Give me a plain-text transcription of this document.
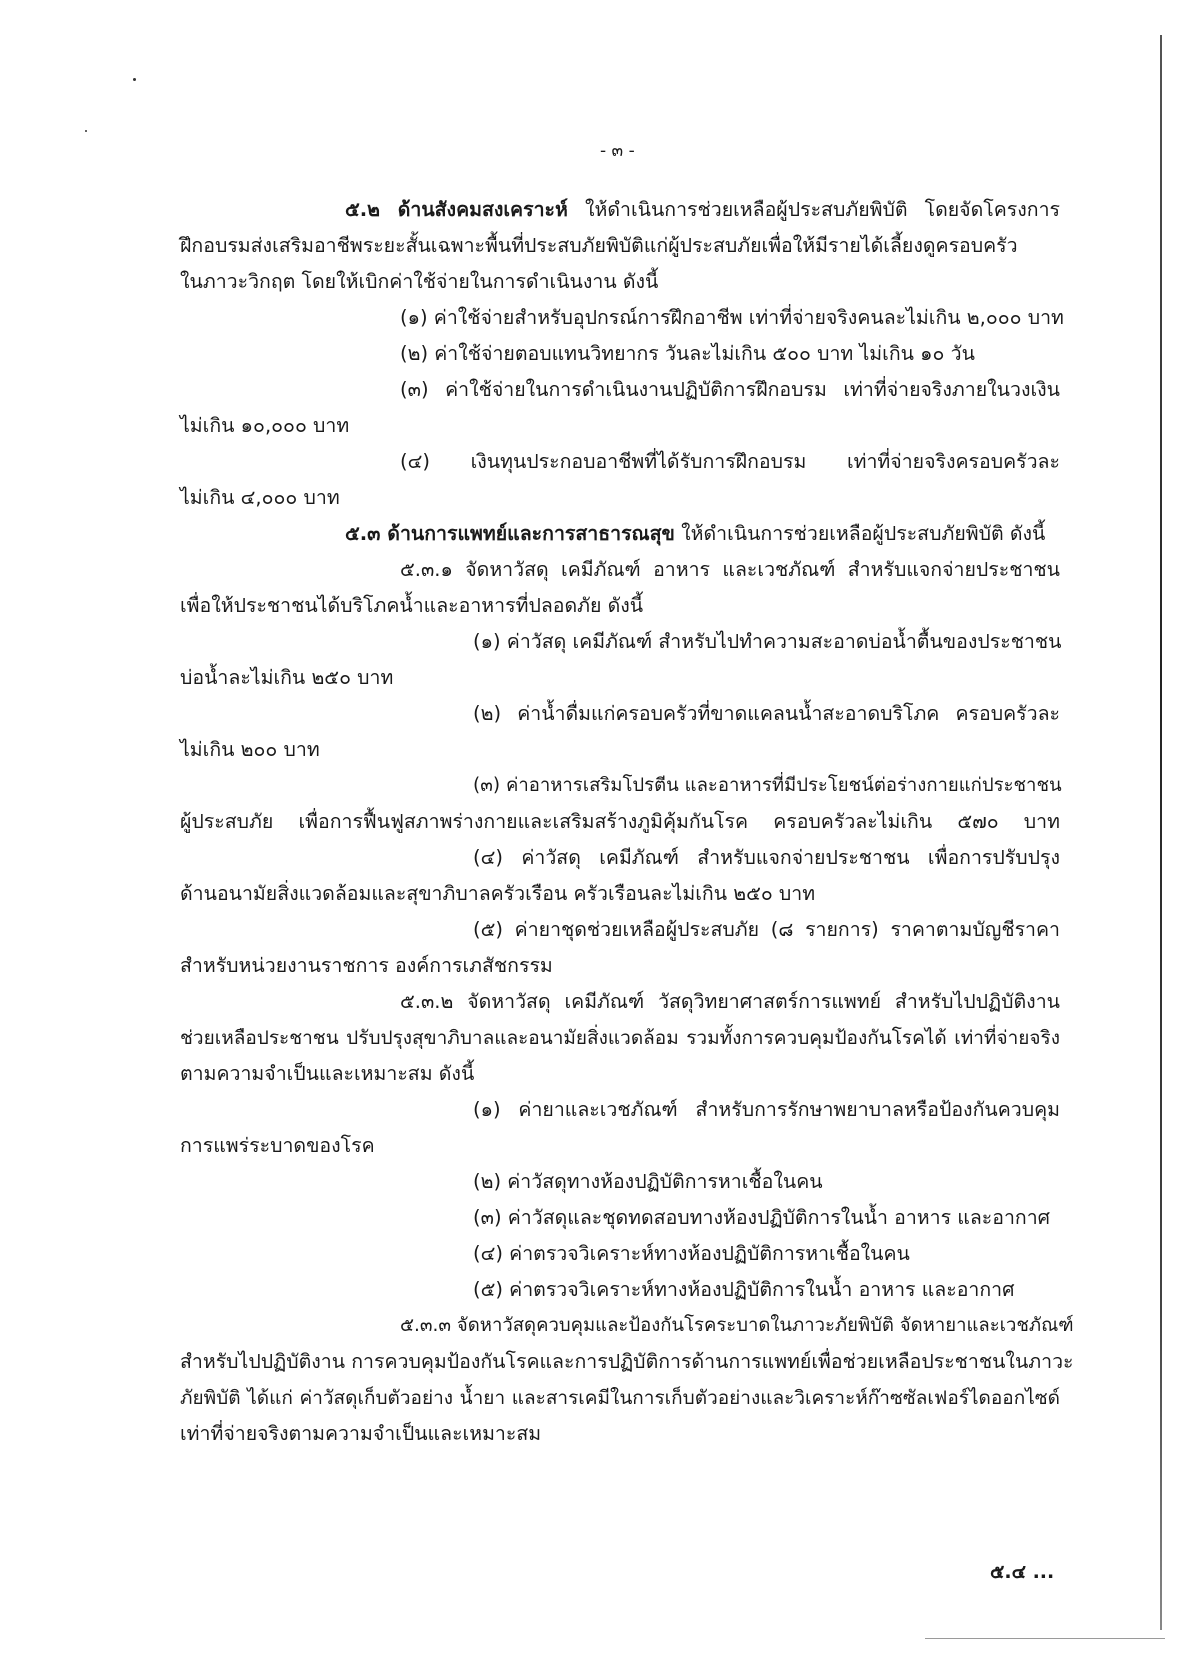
- ๓ -
๕.๒ ด้านสังคมสงเคราะห์ ให้ดำเนินการช่วยเหลือผู้ประสบภัยพิบัติ โดยจัดโครงการ
ฝึกอบรมส่งเสริมอาชีพระยะสั้นเฉพาะพื้นที่ประสบภัยพิบัติแก่ผู้ประสบภัยเพื่อให้มีรายได้เลี้ยงดูครอบครัว
ในภาวะวิกฤต โดยให้เบิกค่าใช้จ่ายในการดำเนินงาน ดังนี้
(๑) ค่าใช้จ่ายสำหรับอุปกรณ์การฝึกอาชีพ เท่าที่จ่ายจริงคนละไม่เกิน ๒,๐๐๐ บาท
(๒) ค่าใช้จ่ายตอบแทนวิทยากร วันละไม่เกิน ๕๐๐ บาท ไม่เกิน ๑๐ วัน
(๓) ค่าใช้จ่ายในการดำเนินงานปฏิบัติการฝึกอบรม เท่าที่จ่ายจริงภายในวงเงิน
ไม่เกิน ๑๐,๐๐๐ บาท
(๔) เงินทุนประกอบอาชีพที่ได้รับการฝึกอบรม เท่าที่จ่ายจริงครอบครัวละ
ไม่เกิน ๔,๐๐๐ บาท
๕.๓ ด้านการแพทย์และการสาธารณสุข ให้ดำเนินการช่วยเหลือผู้ประสบภัยพิบัติ ดังนี้
๕.๓.๑ จัดหาวัสดุ เคมีภัณฑ์ อาหาร และเวชภัณฑ์ สำหรับแจกจ่ายประชาชน
เพื่อให้ประชาชนได้บริโภคน้ำและอาหารที่ปลอดภัย ดังนี้
(๑) ค่าวัสดุ เคมีภัณฑ์ สำหรับไปทำความสะอาดบ่อน้ำตื้นของประชาชน
บ่อน้ำละไม่เกิน ๒๕๐ บาท
(๒) ค่าน้ำดื่มแก่ครอบครัวที่ขาดแคลนน้ำสะอาดบริโภค ครอบครัวละ
ไม่เกิน ๒๐๐ บาท
(๓) ค่าอาหารเสริมโปรตีน และอาหารที่มีประโยชน์ต่อร่างกายแก่ประชาชน
ผู้ประสบภัย เพื่อการฟื้นฟูสภาพร่างกายและเสริมสร้างภูมิคุ้มกันโรค ครอบครัวละไม่เกิน ๕๗๐ บาท
(๔) ค่าวัสดุ เคมีภัณฑ์ สำหรับแจกจ่ายประชาชน เพื่อการปรับปรุง
ด้านอนามัยสิ่งแวดล้อมและสุขาภิบาลครัวเรือน ครัวเรือนละไม่เกิน ๒๕๐ บาท
(๕) ค่ายาชุดช่วยเหลือผู้ประสบภัย (๘ รายการ) ราคาตามบัญชีราคา
สำหรับหน่วยงานราชการ องค์การเภสัชกรรม
๕.๓.๒ จัดหาวัสดุ เคมีภัณฑ์ วัสดุวิทยาศาสตร์การแพทย์ สำหรับไปปฏิบัติงาน
ช่วยเหลือประชาชน ปรับปรุงสุขาภิบาลและอนามัยสิ่งแวดล้อม รวมทั้งการควบคุมป้องกันโรคได้ เท่าที่จ่ายจริง
ตามความจำเป็นและเหมาะสม ดังนี้
(๑) ค่ายาและเวชภัณฑ์ สำหรับการรักษาพยาบาลหรือป้องกันควบคุม
การแพร่ระบาดของโรค
(๒) ค่าวัสดุทางห้องปฏิบัติการหาเชื้อในคน
(๓) ค่าวัสดุและชุดทดสอบทางห้องปฏิบัติการในน้ำ อาหาร และอากาศ
(๔) ค่าตรวจวิเคราะห์ทางห้องปฏิบัติการหาเชื้อในคน
(๕) ค่าตรวจวิเคราะห์ทางห้องปฏิบัติการในน้ำ อาหาร และอากาศ
๕.๓.๓ จัดหาวัสดุควบคุมและป้องกันโรคระบาดในภาวะภัยพิบัติ จัดหายาและเวชภัณฑ์
สำหรับไปปฏิบัติงาน การควบคุมป้องกันโรคและการปฏิบัติการด้านการแพทย์เพื่อช่วยเหลือประชาชนในภาวะ
ภัยพิบัติ ได้แก่ ค่าวัสดุเก็บตัวอย่าง น้ำยา และสารเคมีในการเก็บตัวอย่างและวิเคราะห์ก๊าซซัลเฟอร์ไดออกไซด์
เท่าที่จ่ายจริงตามความจำเป็นและเหมาะสม
๕.๔ ...
